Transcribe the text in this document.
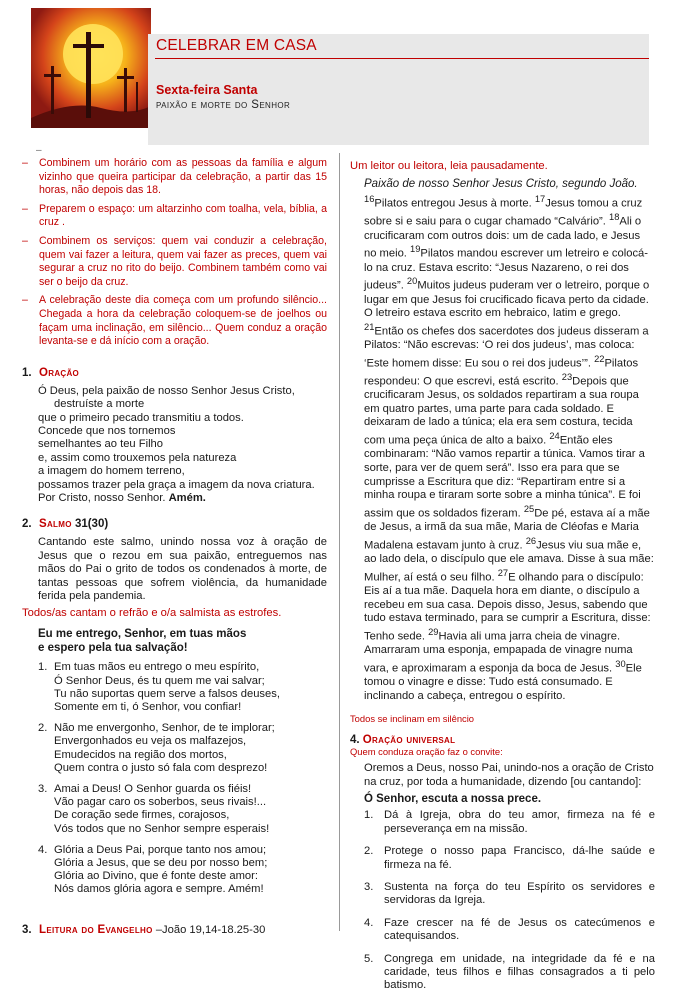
CELEBRAR EM CASA
Sexta-feira Santa
paixão e morte do Senhor
–
– Combinem um horário com as pessoas da família e algum vizinho que queira participar da celebração, a partir das 15 horas, não depois das 18.
– Preparem o espaço: um altarzinho com toalha, vela, bíblia, a cruz .
– Combinem os serviços: quem vai conduzir a celebração, quem vai fazer a leitura, quem vai fazer as preces, quem vai segurar a cruz no rito do beijo. Combinem também como vai ser o beijo da cruz.
– A celebração deste dia começa com um profundo silêncio... Chegada a hora da celebração coloquem-se de joelhos ou façam uma inclinação, em silêncio... Quem conduz a oração levanta-se e dá início com a oração.
1. Oração

Ó Deus, pela paixão de nosso Senhor Jesus Cristo,

destruíste a morte

que o primeiro pecado transmitiu a todos.

Concede que nos tornemos

semelhantes ao teu Filho

e, assim como trouxemos pela natureza

a imagem do homem terreno,

possamos trazer pela graça a imagem da nova criatura.

Por Cristo, nosso Senhor. Amém.

2. Salmo 31(30)

Cantando este salmo, unindo nossa voz à oração de Jesus que o rezou em sua paixão, entreguemos nas mãos do Pai o grito de todos os condenados à morte, de tantas pessoas que sofrem violência, da humanidade ferida pela pandemia.

Todos/as cantam o refrão e o/a salmista as estrofes.

Eu me entrego, Senhor, em tuas mãos

e espero pela tua salvação!

1. Em tuas mãos eu entrego o meu espírito,

Ó Senhor Deus, és tu quem me vai salvar;

Tu não suportas quem serve a falsos deuses,

Somente em ti, ó Senhor, vou confiar!

2. Não me envergonho, Senhor, de te implorar;

Envergonhados eu veja os malfazejos,

Emudecidos na região dos mortos,

Quem contra o justo só fala com desprezo!

3. Amai a Deus! O Senhor guarda os fiéis!

Vão pagar caro os soberbos, seus rivais!...

De coração sede firmes, corajosos,

Vós todos que no Senhor sempre esperais!

4. Glória a Deus Pai, porque tanto nos amou;

Glória a Jesus, que se deu por nosso bem;

Glória ao Divino, que é fonte deste amor:

Nós damos glória agora e sempre. Amém!

3. Leitura do Evangelho –João 19,14-18.25-30

Um leitor ou leitora, leia pausadamente.

Paixão de nosso Senhor Jesus Cristo, segundo João.

$^{16}$Pilatos entregou Jesus à morte. $^{17}$Jesus tomou a cruz sobre si e saiu para o cugar chamado “Calvário”. $^{18}$Ali o crucificaram com outros dois: um de cada lado, e Jesus no meio. $^{19}$Pilatos mandou escrever um letreiro e colocá-lo na cruz. Estava escrito: “Jesus Nazareno, o rei dos judeus”. $^{20}$Muitos judeus puderam ver o letreiro, porque o lugar em que Jesus foi crucificado ficava perto da cidade. O letreiro estava escrito em hebraico, latim e grego. $^{21}$Então os chefes dos sacerdotes dos judeus disseram a Pilatos: “Não escrevas: ‘O rei dos judeus’, mas coloca: ‘Este homem disse: Eu sou o rei dos judeus’”. $^{22}$Pilatos respondeu: O que escrevi, está escrito. $^{23}$Depois que crucificaram Jesus, os soldados repartiram a sua roupa em quatro partes, uma parte para cada soldado. E deixaram de lado a túnica; ela era sem costura, tecida com uma peça única de alto a baixo. $^{24}$Então eles combinaram: “Não vamos repartir a túnica. Vamos tirar a sorte, para ver de quem será”. Isso era para que se cumprisse a Escritura que diz: “Repartiram entre si a minha roupa e tiraram sorte sobre a minha túnica”. E foi assim que os soldados fizeram. $^{25}$De pé, estava aí a mãe de Jesus, a irmã da sua mãe, Maria de Cléofas e Maria Madalena estavam junto à cruz. $^{26}$Jesus viu sua mãe e, ao lado dela, o discípulo que ele amava. Disse à sua mãe: Mulher, aí está o seu filho. $^{27}$E olhando para o discípulo: Eis aí a tua mãe. Daquela hora em diante, o discípulo a recebeu em sua casa. Depois disso, Jesus, sabendo que tudo estava terminado, para se cumprir a Escritura, disse: Tenho sede. $^{29}$Havia ali uma jarra cheia de vinagre. Amarraram uma esponja, empapada de vinagre numa vara, e aproximaram a esponja da boca de Jesus. $^{30}$Ele tomou o vinagre e disse: Tudo está consumado. E inclinando a cabeça, entregou o espírito.

Todos se inclinam em silêncio

4. Oração universal

Quem conduza oração faz o convite:

Oremos a Deus, nosso Pai, unindo-nos a oração de Cristo na cruz, por toda a humanidade, dizendo [ou cantando]:

Ó Senhor, escuta a nossa prece.

1. Dá à Igreja, obra do teu amor, firmeza na fé e perseverança em na missão.
2. Protege o nosso papa Francisco, dá-lhe saúde e firmeza na fé.
3. Sustenta na força do teu Espírito os servidores e servidoras da Igreja.
4. Faze crescer na fé de Jesus os catecúmenos e catequisandos.
5. Congrega em unidade, na integridade da fé e na caridade, teus filhos e filhas consagrados a ti pelo batismo.
